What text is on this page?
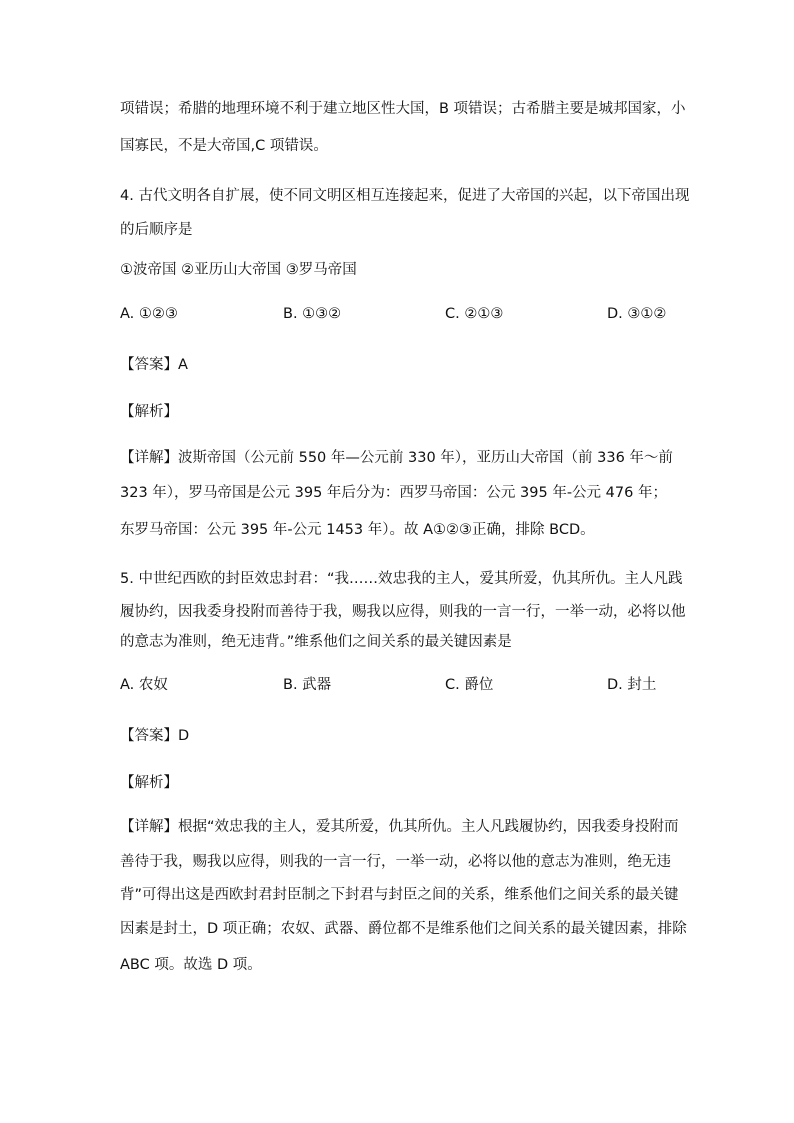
项错误；希腊的地理环境不利于建立地区性大国，B 项错误；古希腊主要是城邦国家，小
国寡民，不是大帝国,C 项错误。
4. 古代文明各自扩展，使不同文明区相互连接起来，促进了大帝国的兴起，以下帝国出现
的后顺序是
①波帝国 ②亚历山大帝国 ③罗马帝国
A. ①②③	B. ①③②	C. ②①③	D. ③①②
【答案】A
【解析】
【详解】波斯帝国（公元前 550 年—公元前 330 年），亚历山大帝国（前 336 年～前
323 年），罗马帝国是公元 395 年后分为：西罗马帝国：公元 395 年-公元 476 年；
东罗马帝国：公元 395 年-公元 1453 年）。故 A①②③正确，排除 BCD。
5. 中世纪西欧的封臣效忠封君：“我……效忠我的主人，爱其所爱，仇其所仇。主人凡践
履协约，因我委身投附而善待于我，赐我以应得，则我的一言一行，一举一动，必将以他
的意志为准则，绝无违背。”维系他们之间关系的最关键因素是
A. 农奴	B. 武器	C. 爵位	D. 封土
【答案】D
【解析】
【详解】根据“效忠我的主人，爱其所爱，仇其所仇。主人凡践履协约，因我委身投附而
善待于我，赐我以应得，则我的一言一行，一举一动，必将以他的意志为准则，绝无违
背”可得出这是西欧封君封臣制之下封君与封臣之间的关系，维系他们之间关系的最关键
因素是封土，D 项正确；农奴、武器、爵位都不是维系他们之间关系的最关键因素，排除
ABC 项。故选 D 项。
